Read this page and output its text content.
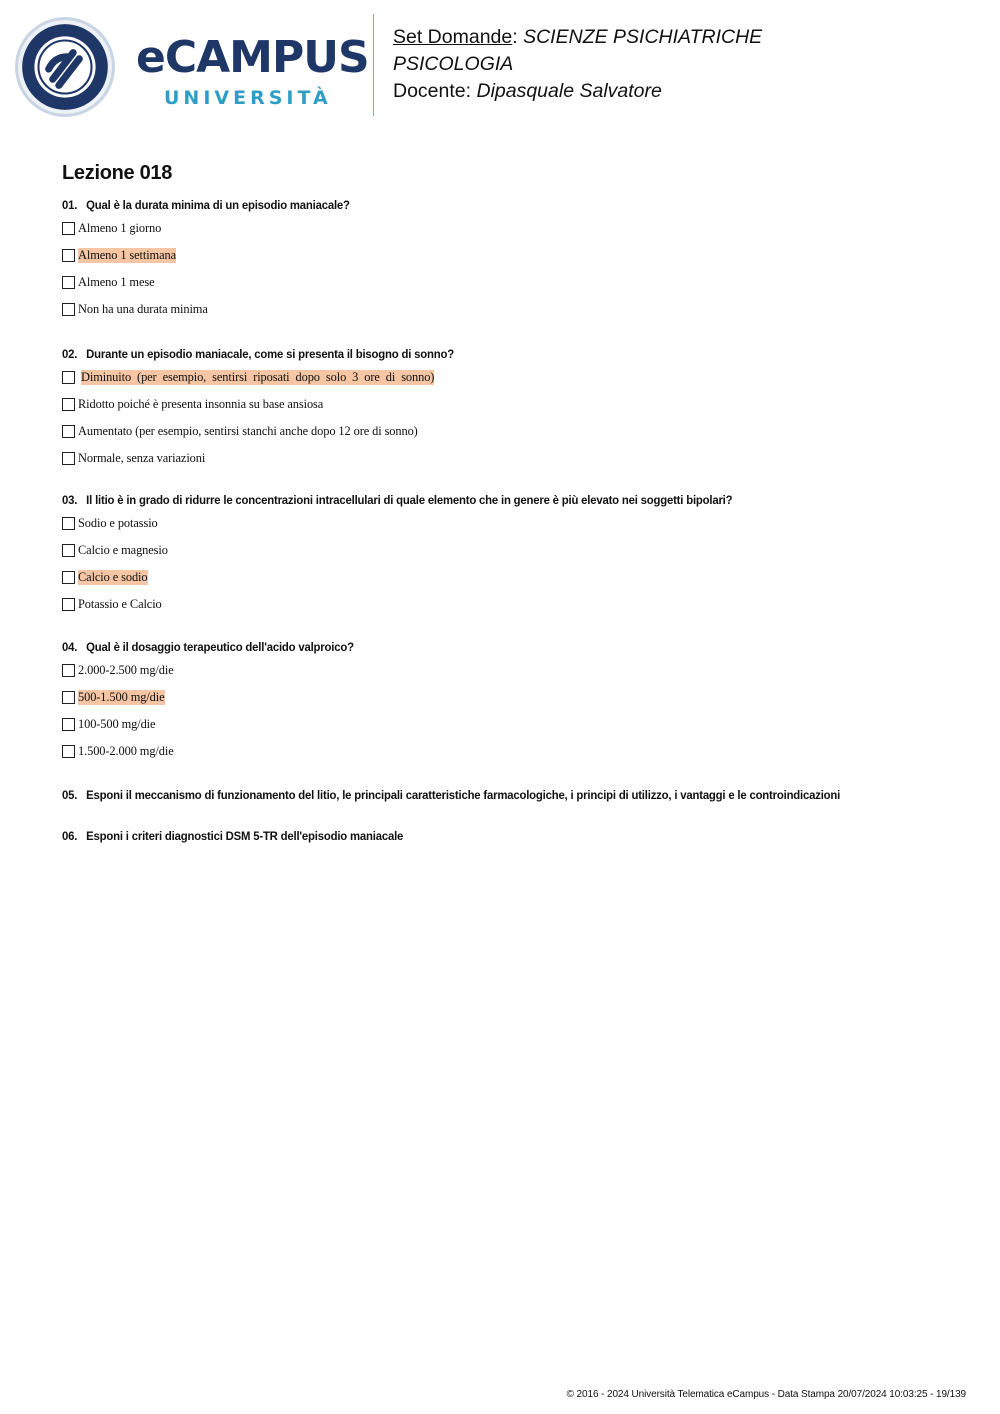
eCAMPUS
UNIVERSITÀ
Set Domande: SCIENZE PSICHIATRICHE
PSICOLOGIA
Docente: Dipasquale Salvatore
Lezione 018
01. Qual è la durata minima di un episodio maniacale?
Almeno 1 giorno
Almeno 1 settimana
Almeno 1 mese
Non ha una durata minima
02. Durante un episodio maniacale, come si presenta il bisogno di sonno?
Diminuito (per esempio, sentirsi riposati dopo solo 3 ore di sonno)
Ridotto poiché è presenta insonnia su base ansiosa
Aumentato (per esempio, sentirsi stanchi anche dopo 12 ore di sonno)
Normale, senza variazioni
03. Il litio è in grado di ridurre le concentrazioni intracellulari di quale elemento che in genere è più elevato nei soggetti bipolari?
Sodio e potassio
Calcio e magnesio
Calcio e sodio
Potassio e Calcio
04. Qual è il dosaggio terapeutico dell'acido valproico?
2.000-2.500 mg/die
500-1.500 mg/die
100-500 mg/die
1.500-2.000 mg/die
05. Esponi il meccanismo di funzionamento del litio, le principali caratteristiche farmacologiche, i principi di utilizzo, i vantaggi e le controindicazioni
06. Esponi i criteri diagnostici DSM 5-TR dell'episodio maniacale
© 2016 - 2024 Università Telematica eCampus - Data Stampa 20/07/2024 10:03:25 - 19/139
